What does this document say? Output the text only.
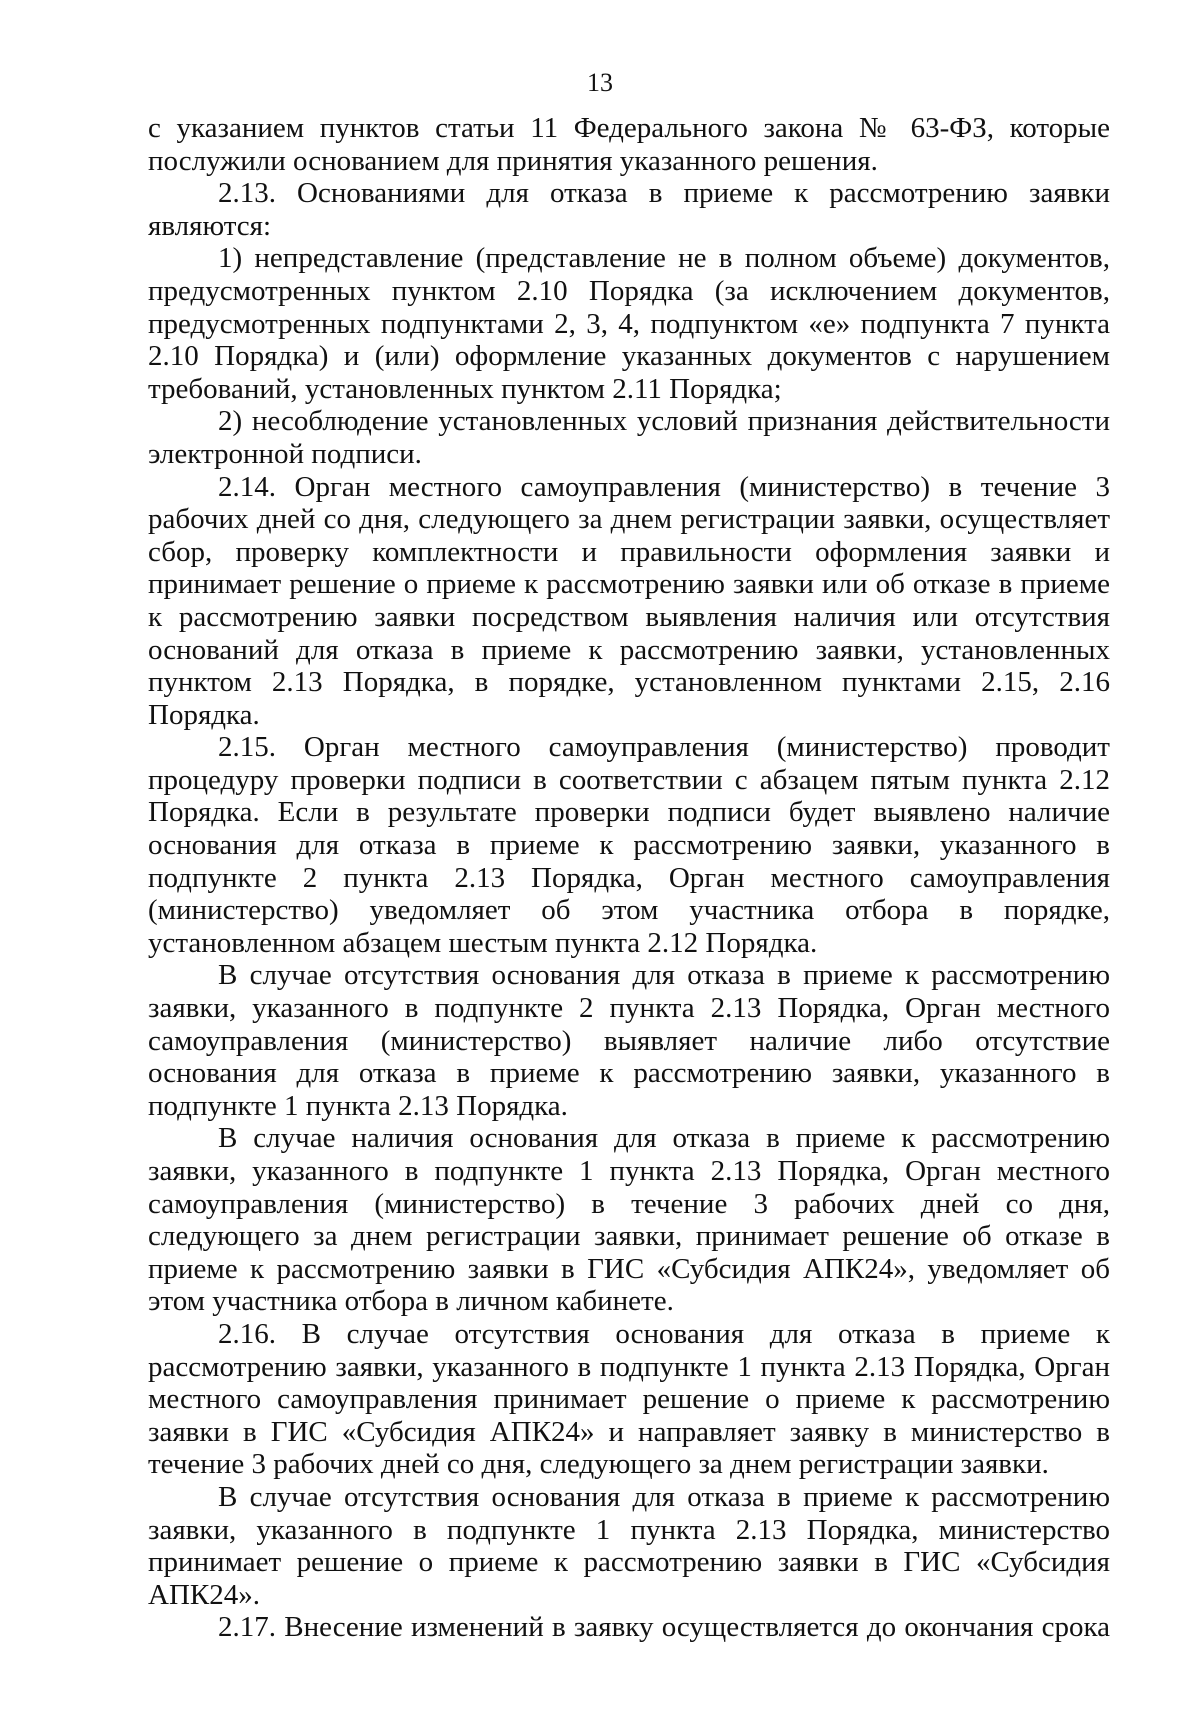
13

с указанием пунктов статьи 11 Федерального закона № 63-ФЗ, которые послужили основанием для принятия указанного решения.

2.13. Основаниями для отказа в приеме к рассмотрению заявки являются:

1) непредставление (представление не в полном объеме) документов, предусмотренных пунктом 2.10 Порядка (за исключением документов, предусмотренных подпунктами 2, 3, 4, подпунктом «е» подпункта 7 пункта 2.10 Порядка) и (или) оформление указанных документов с нарушением требований, установленных пунктом 2.11 Порядка;

2) несоблюдение установленных условий признания действительности электронной подписи.

2.14. Орган местного самоуправления (министерство) в течение 3 рабочих дней со дня, следующего за днем регистрации заявки, осуществляет сбор, проверку комплектности и правильности оформления заявки и принимает решение о приеме к рассмотрению заявки или об отказе в приеме к рассмотрению заявки посредством выявления наличия или отсутствия оснований для отказа в приеме к рассмотрению заявки, установленных пунктом 2.13 Порядка, в порядке, установленном пунктами 2.15, 2.16 Порядка.

2.15. Орган местного самоуправления (министерство) проводит процедуру проверки подписи в соответствии с абзацем пятым пункта 2.12 Порядка. Если в результате проверки подписи будет выявлено наличие основания для отказа в приеме к рассмотрению заявки, указанного в подпункте 2 пункта 2.13 Порядка, Орган местного самоуправления (министерство) уведомляет об этом участника отбора в порядке, установленном абзацем шестым пункта 2.12 Порядка.

В случае отсутствия основания для отказа в приеме к рассмотрению заявки, указанного в подпункте 2 пункта 2.13 Порядка, Орган местного самоуправления (министерство) выявляет наличие либо отсутствие основания для отказа в приеме к рассмотрению заявки, указанного в подпункте 1 пункта 2.13 Порядка.

В случае наличия основания для отказа в приеме к рассмотрению заявки, указанного в подпункте 1 пункта 2.13 Порядка, Орган местного самоуправления (министерство) в течение 3 рабочих дней со дня, следующего за днем регистрации заявки, принимает решение об отказе в приеме к рассмотрению заявки в ГИС «Субсидия АПК24», уведомляет об этом участника отбора в личном кабинете.

2.16. В случае отсутствия основания для отказа в приеме к рассмотрению заявки, указанного в подпункте 1 пункта 2.13 Порядка, Орган местного самоуправления принимает решение о приеме к рассмотрению заявки в ГИС «Субсидия АПК24» и направляет заявку в министерство в течение 3 рабочих дней со дня, следующего за днем регистрации заявки.

В случае отсутствия основания для отказа в приеме к рассмотрению заявки, указанного в подпункте 1 пункта 2.13 Порядка, министерство принимает решение о приеме к рассмотрению заявки в ГИС «Субсидия АПК24».

2.17. Внесение изменений в заявку осуществляется до окончания срока
